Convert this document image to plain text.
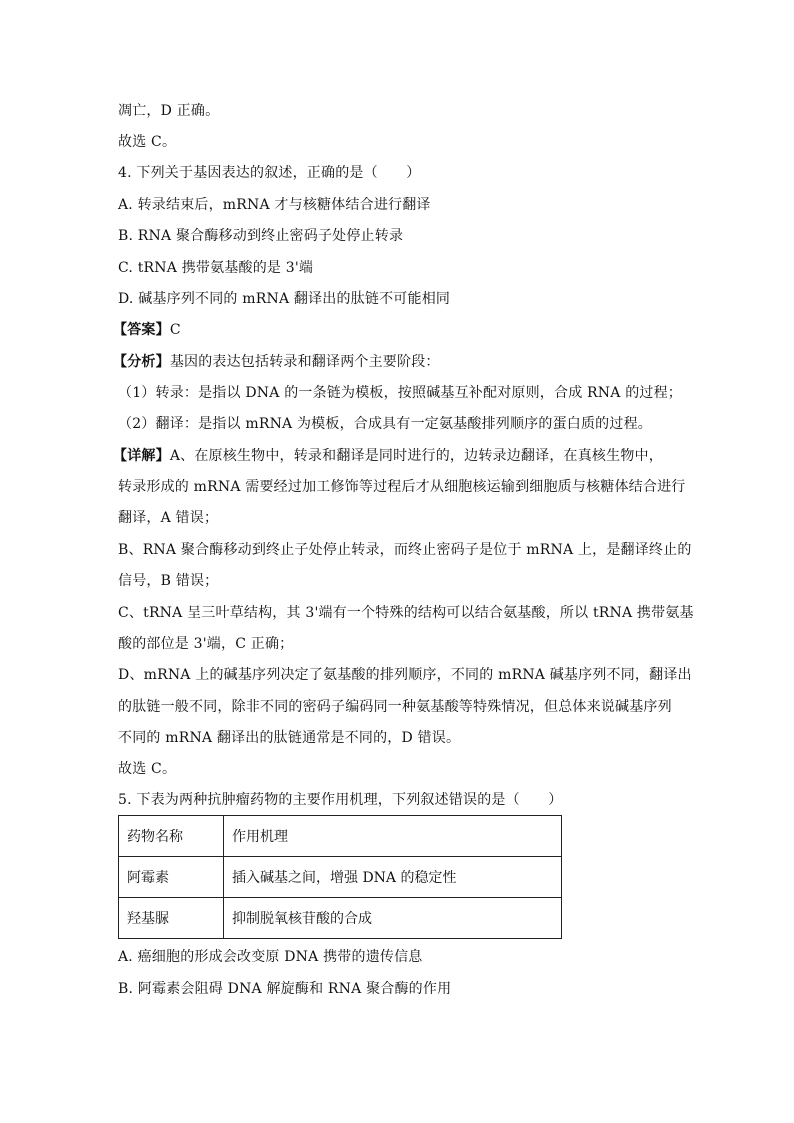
凋亡，D 正确。
故选 C。
4. 下列关于基因表达的叙述，正确的是（　　）
A. 转录结束后，mRNA 才与核糖体结合进行翻译
B. RNA 聚合酶移动到终止密码子处停止转录
C. tRNA 携带氨基酸的是 3'端
D. 碱基序列不同的 mRNA 翻译出的肽链不可能相同
【答案】C
【分析】基因的表达包括转录和翻译两个主要阶段：
（1）转录：是指以 DNA 的一条链为模板，按照碱基互补配对原则，合成 RNA 的过程；
（2）翻译：是指以 mRNA 为模板，合成具有一定氨基酸排列顺序的蛋白质的过程。
【详解】A、在原核生物中，转录和翻译是同时进行的，边转录边翻译，在真核生物中，
转录形成的 mRNA 需要经过加工修饰等过程后才从细胞核运输到细胞质与核糖体结合进行
翻译，A 错误；
B、RNA 聚合酶移动到终止子处停止转录，而终止密码子是位于 mRNA 上，是翻译终止的
信号，B 错误；
C、tRNA 呈三叶草结构，其 3'端有一个特殊的结构可以结合氨基酸，所以 tRNA 携带氨基
酸的部位是 3'端，C 正确；
D、mRNA 上的碱基序列决定了氨基酸的排列顺序，不同的 mRNA 碱基序列不同，翻译出
的肽链一般不同，除非不同的密码子编码同一种氨基酸等特殊情况，但总体来说碱基序列
不同的 mRNA 翻译出的肽链通常是不同的，D 错误。
故选 C。
5. 下表为两种抗肿瘤药物的主要作用机理，下列叙述错误的是（　　）
药物名称	作用机理
阿霉素	插入碱基之间，增强 DNA 的稳定性
羟基脲	抑制脱氧核苷酸的合成
A. 癌细胞的形成会改变原 DNA 携带的遗传信息
B. 阿霉素会阻碍 DNA 解旋酶和 RNA 聚合酶的作用
